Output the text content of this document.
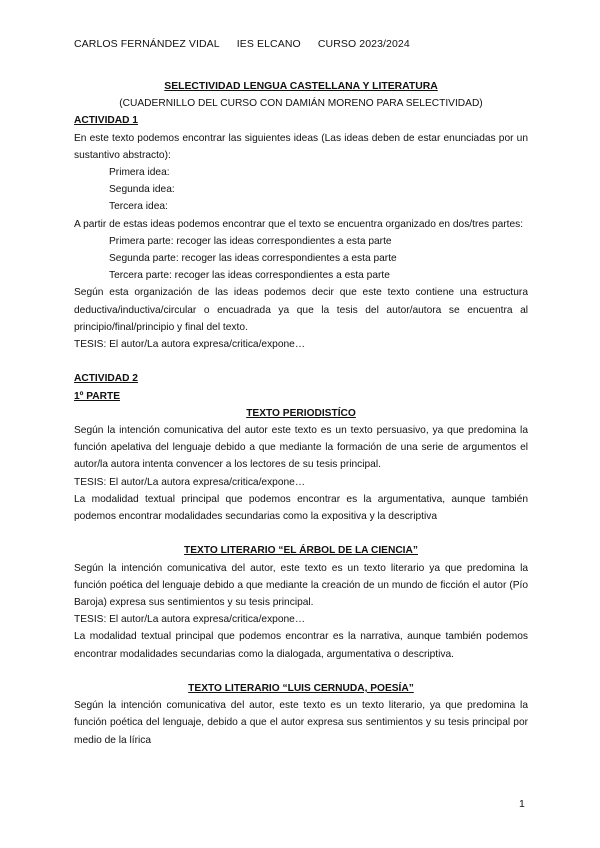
CARLOS FERNÁNDEZ VIDAL IES ELCANO CURSO 2023/2024
SELECTIVIDAD LENGUA CASTELLANA Y LITERATURA
(CUADERNILLO DEL CURSO CON DAMIÁN MORENO PARA SELECTIVIDAD)
ACTIVIDAD 1
En este texto podemos encontrar las siguientes ideas (Las ideas deben de estar enunciadas por un sustantivo abstracto):
Primera idea:
Segunda idea:
Tercera idea:
A partir de estas ideas podemos encontrar que el texto se encuentra organizado en dos/tres partes:
Primera parte: recoger las ideas correspondientes a esta parte
Segunda parte: recoger las ideas correspondientes a esta parte
Tercera parte: recoger las ideas correspondientes a esta parte
Según esta organización de las ideas podemos decir que este texto contiene una estructura deductiva/inductiva/circular o encuadrada ya que la tesis del autor/autora se encuentra al principio/final/principio y final del texto.
TESIS: El autor/La autora expresa/critica/expone…
ACTIVIDAD 2
1º PARTE
TEXTO PERIODISTÍCO
Según la intención comunicativa del autor este texto es un texto persuasivo, ya que predomina la función apelativa del lenguaje debido a que mediante la formación de una serie de argumentos el autor/la autora intenta convencer a los lectores de su tesis principal.
TESIS: El autor/La autora expresa/critica/expone…
La modalidad textual principal que podemos encontrar es la argumentativa, aunque también podemos encontrar modalidades secundarias como la expositiva y la descriptiva
TEXTO LITERARIO “EL ÁRBOL DE LA CIENCIA”
Según la intención comunicativa del autor, este texto es un texto literario ya que predomina la función poética del lenguaje debido a que mediante la creación de un mundo de ficción el autor (Pío Baroja) expresa sus sentimientos y su tesis principal.
TESIS: El autor/La autora expresa/critica/expone…
La modalidad textual principal que podemos encontrar es la narrativa, aunque también podemos encontrar modalidades secundarias como la dialogada, argumentativa o descriptiva.
TEXTO LITERARIO “LUIS CERNUDA, POESÍA”
Según la intención comunicativa del autor, este texto es un texto literario, ya que predomina la función poética del lenguaje, debido a que el autor expresa sus sentimientos y su tesis principal por medio de la lírica
1
